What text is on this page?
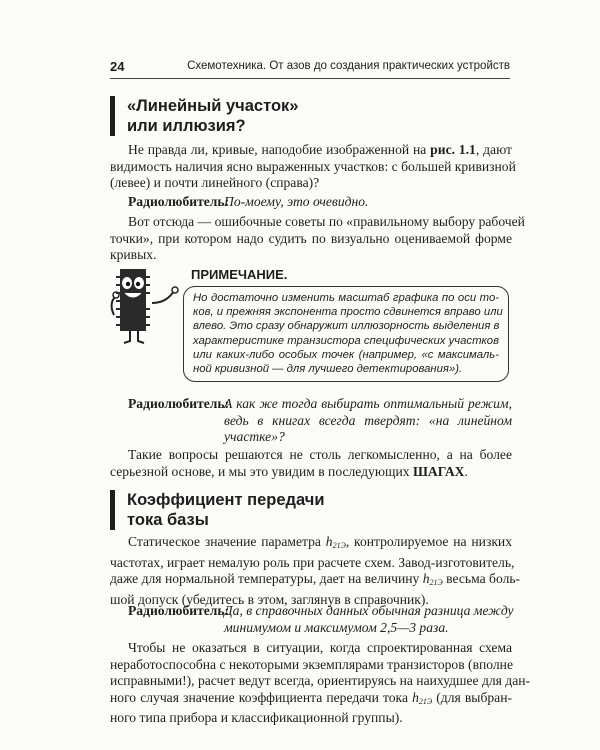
24	Схемотехника. От азов до создания практических устройств
«Линейный участок»
или иллюзия?
Не правда ли, кривые, наподобие изображенной на рис. 1.1, дают
видимость наличия ясно выраженных участков: с большей кривизной
(левее) и почти линейного (справа)?
Радиолюбитель:
По-моему, это очевидно.
Вот отсюда — ошибочные советы по «правильному выбору рабочей
точки», при котором надо судить по визуально оцениваемой форме
кривых.
ПРИМЕЧАНИЕ.
Но достаточно изменить масштаб графика по оси то-
ков, и прежняя экспонента просто сдвинется вправо или
влево. Это сразу обнаружит иллюзорность выделения в
характеристике транзистора специфических участков
или каких-либо особых точек (например, «с максималь-
ной кривизной — для лучшего детектирования»).
Радиолюбитель:
А как же тогда выбирать оптимальный режим,
ведь в книгах всегда твердят: «на линейном
участке»?
Такие вопросы решаются не столь легкомысленно, а на более
серьезной основе, и мы это увидим в последующих ШАГАХ.
Коэффициент передачи
тока базы
Статическое значение параметра $h_{21Э}$, контролируемое на низких
частотах, играет немалую роль при расчете схем. Завод-изготовитель,
даже для нормальной температуры, дает на величину $h_{21Э}$ весьма боль-
шой допуск (убедитесь в этом, заглянув в справочник).
Радиолюбитель:
Да, в справочных данных обычная разница между
минимумом и максимумом 2,5—3 раза.
Чтобы не оказаться в ситуации, когда спроектированная схема
неработоспособна с некоторыми экземплярами транзисторов (вполне
исправными!), расчет ведут всегда, ориентируясь на наихудшее для дан-
ного случая значение коэффициента передачи тока $h_{21Э}$ (для выбран-
ного типа прибора и классификационной группы).
